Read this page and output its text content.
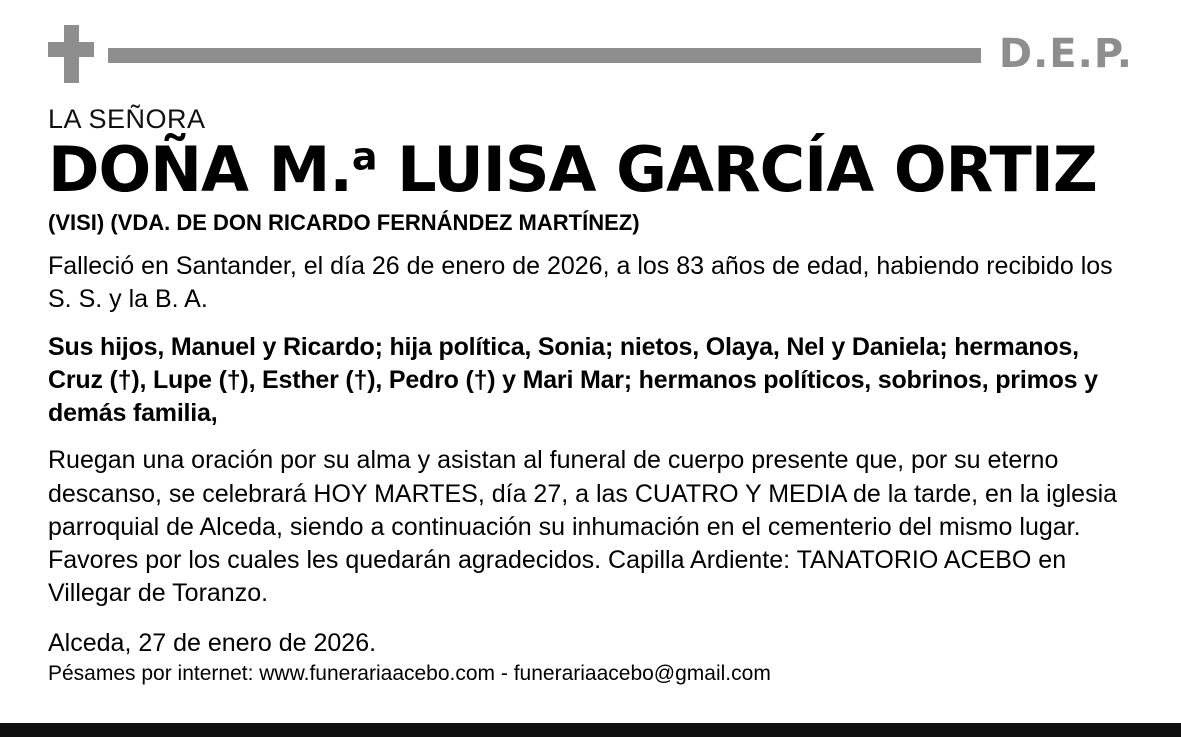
D.E.P.
LA SEÑORA
DOÑA M.$^a$ LUISA GARCÍA ORTIZ
(VISI) (VDA. DE DON RICARDO FERNÁNDEZ MARTÍNEZ)

Falleció en Santander, el día 26 de enero de 2026, a los 83 años de edad, habiendo recibido los S. S. y la B. A.

Sus hijos, Manuel y Ricardo; hija política, Sonia; nietos, Olaya, Nel y Daniela; hermanos, Cruz (†), Lupe (†), Esther (†), Pedro (†) y Mari Mar; hermanos políticos, sobrinos, primos y demás familia,

Ruegan una oración por su alma y asistan al funeral de cuerpo presente que, por su eterno descanso, se celebrará HOY MARTES, día 27, a las CUATRO Y MEDIA de la tarde, en la iglesia parroquial de Alceda, siendo a continuación su inhumación en el cementerio del mismo lugar. Favores por los cuales les quedarán agradecidos. Capilla Ardiente: TANATORIO ACEBO en Villegar de Toranzo.

Alceda, 27 de enero de 2026.
Pésames por internet: www.funerariaacebo.com - funerariaacebo@gmail.com
